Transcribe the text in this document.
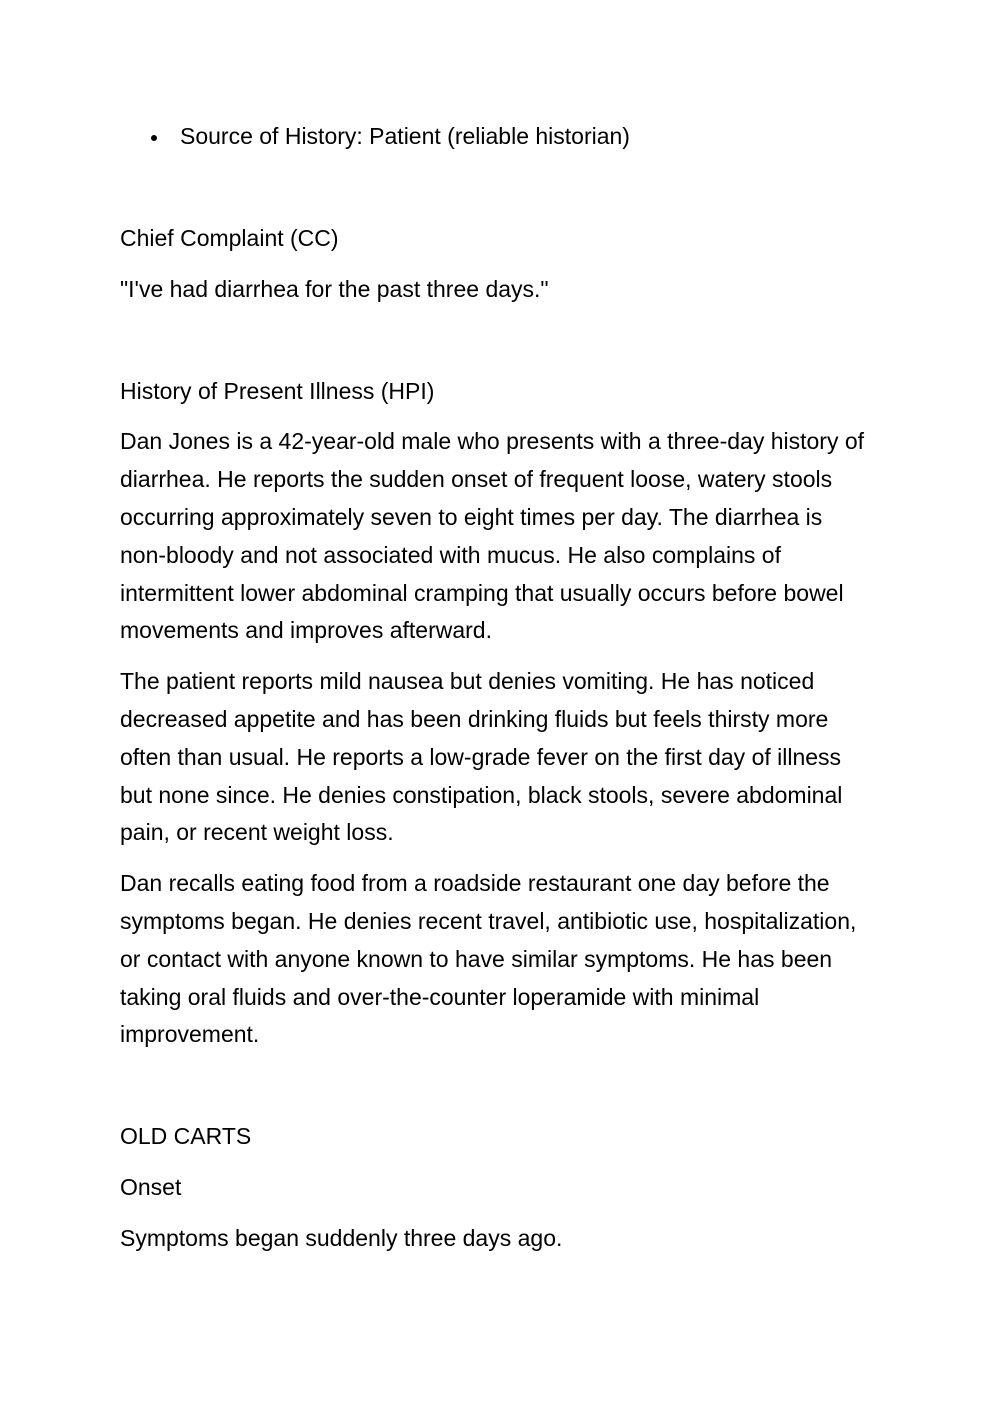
Source of History: Patient (reliable historian)
Chief Complaint (CC)

"I've had diarrhea for the past three days."

History of Present Illness (HPI)

Dan Jones is a 42-year-old male who presents with a three-day history of diarrhea. He reports the sudden onset of frequent loose, watery stools occurring approximately seven to eight times per day. The diarrhea is non-bloody and not associated with mucus. He also complains of intermittent lower abdominal cramping that usually occurs before bowel movements and improves afterward.

The patient reports mild nausea but denies vomiting. He has noticed decreased appetite and has been drinking fluids but feels thirsty more often than usual. He reports a low-grade fever on the first day of illness but none since. He denies constipation, black stools, severe abdominal pain, or recent weight loss.

Dan recalls eating food from a roadside restaurant one day before the symptoms began. He denies recent travel, antibiotic use, hospitalization, or contact with anyone known to have similar symptoms. He has been taking oral fluids and over-the-counter loperamide with minimal improvement.

OLD CARTS
Onset

Symptoms began suddenly three days ago.
